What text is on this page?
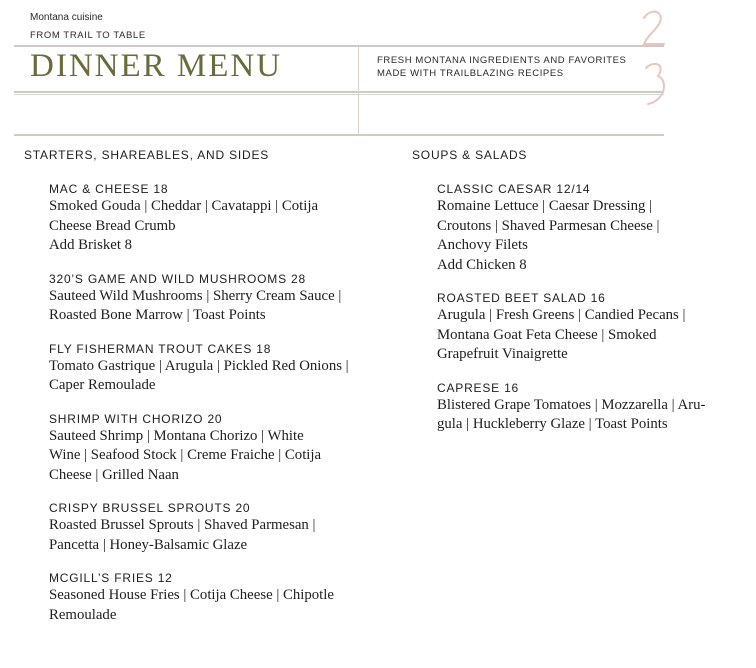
Montana cuisine
FROM TRAIL TO TABLE
DINNER MENU	FRESH MONTANA INGREDIENTS AND FAVORITES
MADE WITH TRAILBLAZING RECIPES
STARTERS, SHAREABLES, AND SIDES
MAC & CHEESE 18
Smoked Gouda | Cheddar | Cavatappi | Cotija
Cheese Bread Crumb
Add Brisket 8
320’S GAME AND WILD MUSHROOMS 28
Sauteed Wild Mushrooms | Sherry Cream Sauce |
Roasted Bone Marrow | Toast Points
FLY FISHERMAN TROUT CAKES 18
Tomato Gastrique | Arugula | Pickled Red Onions |
Caper Remoulade
SHRIMP WITH CHORIZO 20
Sauteed Shrimp | Montana Chorizo | White
Wine | Seafood Stock | Creme Fraiche | Cotija
Cheese | Grilled Naan
CRISPY BRUSSEL SPROUTS 20
Roasted Brussel Sprouts | Shaved Parmesan |
Pancetta | Honey-Balsamic Glaze
MCGILL’S FRIES 12
Seasoned House Fries | Cotija Cheese | Chipotle
Remoulade
SOUPS & SALADS
CLASSIC CAESAR 12/14
Romaine Lettuce | Caesar Dressing |
Croutons | Shaved Parmesan Cheese |
Anchovy Filets
Add Chicken 8
ROASTED BEET SALAD 16
Arugula | Fresh Greens | Candied Pecans |
Montana Goat Feta Cheese | Smoked
Grapefruit Vinaigrette
CAPRESE 16
Blistered Grape Tomatoes | Mozzarella | Aru-
gula | Huckleberry Glaze | Toast Points
